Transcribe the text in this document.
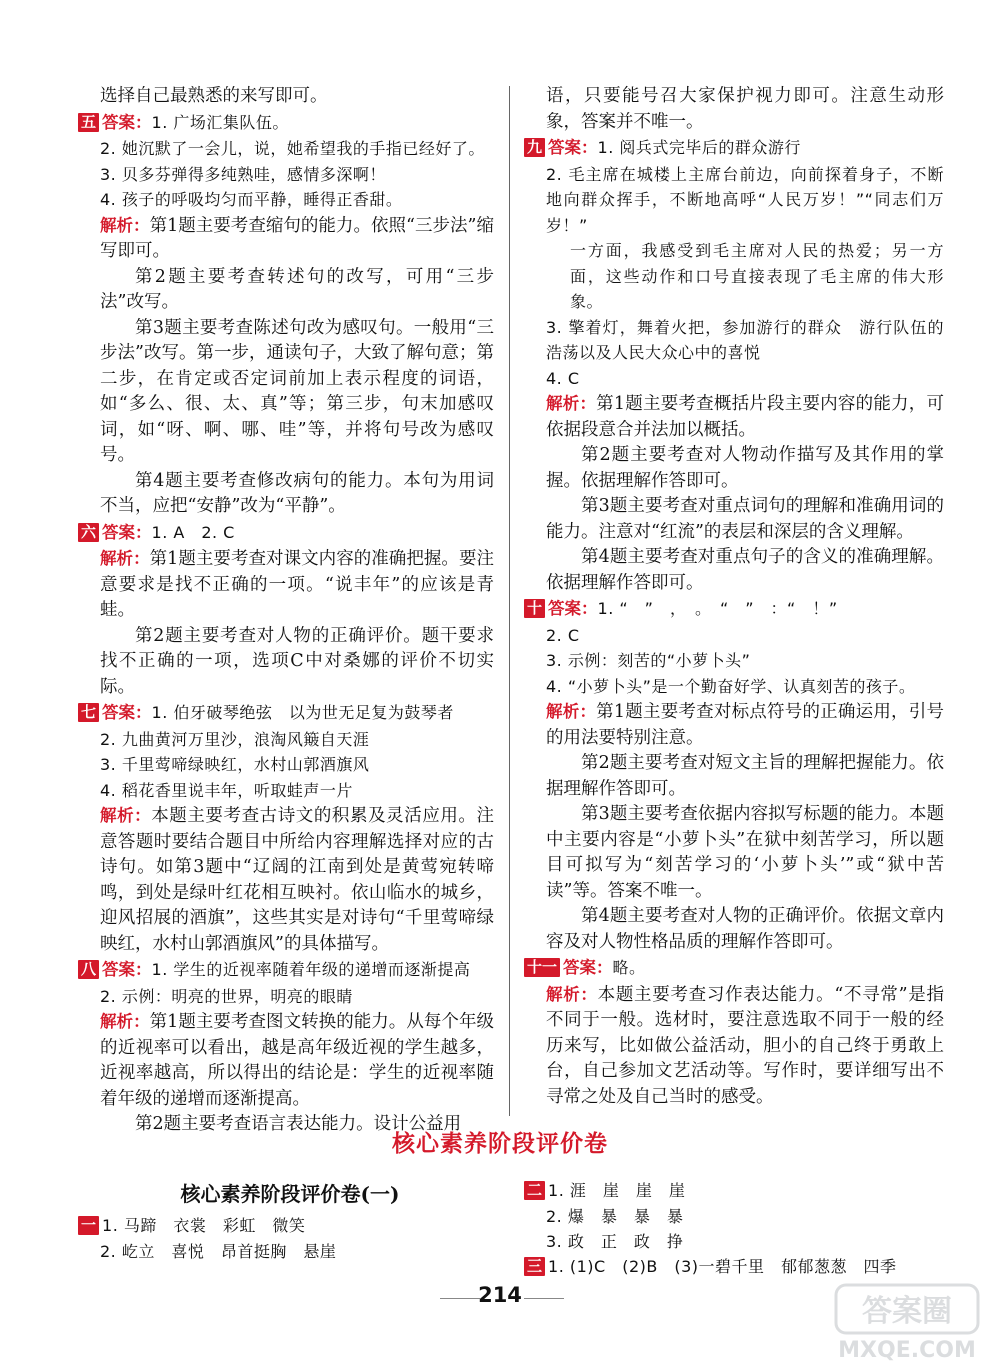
选择自己最熟悉的来写即可。

五 答案：1. 广场汇集队伍。

2. 她沉默了一会儿，说，她希望我的手指已经好了。

3. 贝多芬弹得多纯熟哇，感情多深啊！

4. 孩子的呼吸均匀而平静，睡得正香甜。

解析：第1题主要考查缩句的能力。依照“三步法”缩写即可。

第2题主要考查转述句的改写，可用“三步法”改写。

第3题主要考查陈述句改为感叹句。一般用“三步法”改写。第一步，通读句子，大致了解句意；第二步，在肯定或否定词前加上表示程度的词语，如“多么、很、太、真”等；第三步，句末加感叹词，如“呀、啊、哪、哇”等，并将句号改为感叹号。

第4题主要考查修改病句的能力。本句为用词不当，应把“安静”改为“平静”。

六 答案：1. A　2. C

解析：第1题主要考查对课文内容的准确把握。要注意要求是找不正确的一项。“说丰年”的应该是青蛙。

第2题主要考查对人物的正确评价。题干要求找不正确的一项，选项C中对桑娜的评价不切实际。

七 答案：1. 伯牙破琴绝弦　以为世无足复为鼓琴者

2. 九曲黄河万里沙，浪淘风簸自天涯

3. 千里莺啼绿映红，水村山郭酒旗风

4. 稻花香里说丰年，听取蛙声一片

解析：本题主要考查古诗文的积累及灵活应用。注意答题时要结合题目中所给内容理解选择对应的古诗句。如第3题中“辽阔的江南到处是黄莺宛转啼鸣，到处是绿叶红花相互映衬。依山临水的城乡，迎风招展的酒旗”，这些其实是对诗句“千里莺啼绿映红，水村山郭酒旗风”的具体描写。

八 答案：1. 学生的近视率随着年级的递增而逐渐提高

2. 示例：明亮的世界，明亮的眼睛

解析：第1题主要考查图文转换的能力。从每个年级的近视率可以看出，越是高年级近视的学生越多，近视率越高，所以得出的结论是：学生的近视率随着年级的递增而逐渐提高。

第2题主要考查语言表达能力。设计公益用

语，只要能号召大家保护视力即可。注意生动形象，答案并不唯一。

九 答案：1. 阅兵式完毕后的群众游行

2. 毛主席在城楼上主席台前边，向前探着身子，不断地向群众挥手，不断地高呼“人民万岁！”“同志们万岁！”

一方面，我感受到毛主席对人民的热爱；另一方面，这些动作和口号直接表现了毛主席的伟大形象。

3. 擎着灯，舞着火把，参加游行的群众　游行队伍的浩荡以及人民大众心中的喜悦

4. C

解析：第1题主要考查概括片段主要内容的能力，可依据段意合并法加以概括。

第2题主要考查对人物动作描写及其作用的掌握。依据理解作答即可。

第3题主要考查对重点词句的理解和准确用词的能力。注意对“红流”的表层和深层的含义理解。

第4题主要考查对重点句子的含义的准确理解。依据理解作答即可。

十 答案：1. “　”　，　。　“　”　：“　！”

2. C

3. 示例：刻苦的“小萝卜头”

4. “小萝卜头”是一个勤奋好学、认真刻苦的孩子。

解析：第1题主要考查对标点符号的正确运用，引号的用法要特别注意。

第2题主要考查对短文主旨的理解把握能力。依据理解作答即可。

第3题主要考查依据内容拟写标题的能力。本题中主要内容是“小萝卜头”在狱中刻苦学习，所以题目可拟写为“刻苦学习的‘小萝卜头’”或“狱中苦读”等。答案不唯一。

第4题主要考查对人物的正确评价。依据文章内容及对人物性格品质的理解作答即可。

十一 答案：略。

解析：本题主要考查习作表达能力。“不寻常”是指不同于一般。选材时，要注意选取不同于一般的经历来写，比如做公益活动，胆小的自己终于勇敢上台，自己参加文艺活动等。写作时，要详细写出不寻常之处及自己当时的感受。

核心素养阶段评价卷
核心素养阶段评价卷(一)

一 1. 马蹄　衣裳　彩虹　微笑

2. 屹立　喜悦　昂首挺胸　悬崖

二 1. 涯　崖　崖　崖

2. 爆　暴　暴　暴

3. 政　正　政　挣

三 1. (1)C　(2)B　(3)一碧千里　郁郁葱葱　四季

214	答案圈
MXQE.COM
